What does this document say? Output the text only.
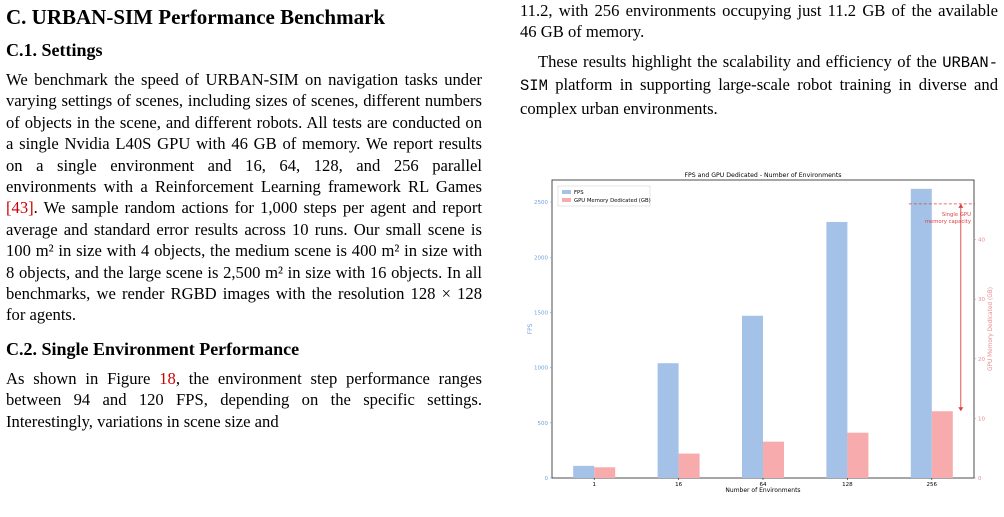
C. URBAN-SIM Performance Benchmark
C.1. Settings

We benchmark the speed of URBAN-SIM on navigation tasks under varying settings of scenes, including sizes of scenes, different numbers of objects in the scene, and different robots. All tests are conducted on a single Nvidia L40S GPU with 46 GB of memory. We report results on a single environment and 16, 64, 128, and 256 parallel environments with a Reinforcement Learning framework RL Games [43]. We sample random actions for 1,000 steps per agent and report average and standard error results across 10 runs. Our small scene is 100 m² in size with 4 objects, the medium scene is 400 m² in size with 8 objects, and the large scene is 2,500 m² in size with 16 objects. In all benchmarks, we render RGBD images with the resolution 128 × 128 for agents.

C.2. Single Environment Performance

As shown in Figure 18, the environment step performance ranges between 94 and 120 FPS, depending on the specific settings. Interestingly, variations in scene size and

11.2, with 256 environments occupying just 11.2 GB of the available 46 GB of memory.

These results highlight the scalability and efficiency of the URBAN-SIM platform in supporting large-scale robot training in diverse and complex urban environments.

FPS and GPU Dedicated - Number of Environments
0
500
1000
1500
2000
2500
0
10
20
30
40
FPS	GPU Memory Dedicated (GB)
Number of Environments
1	16	64	128	256
Single GPU
memory capacity
FPS
GPU Memory Dedicated (GB)
